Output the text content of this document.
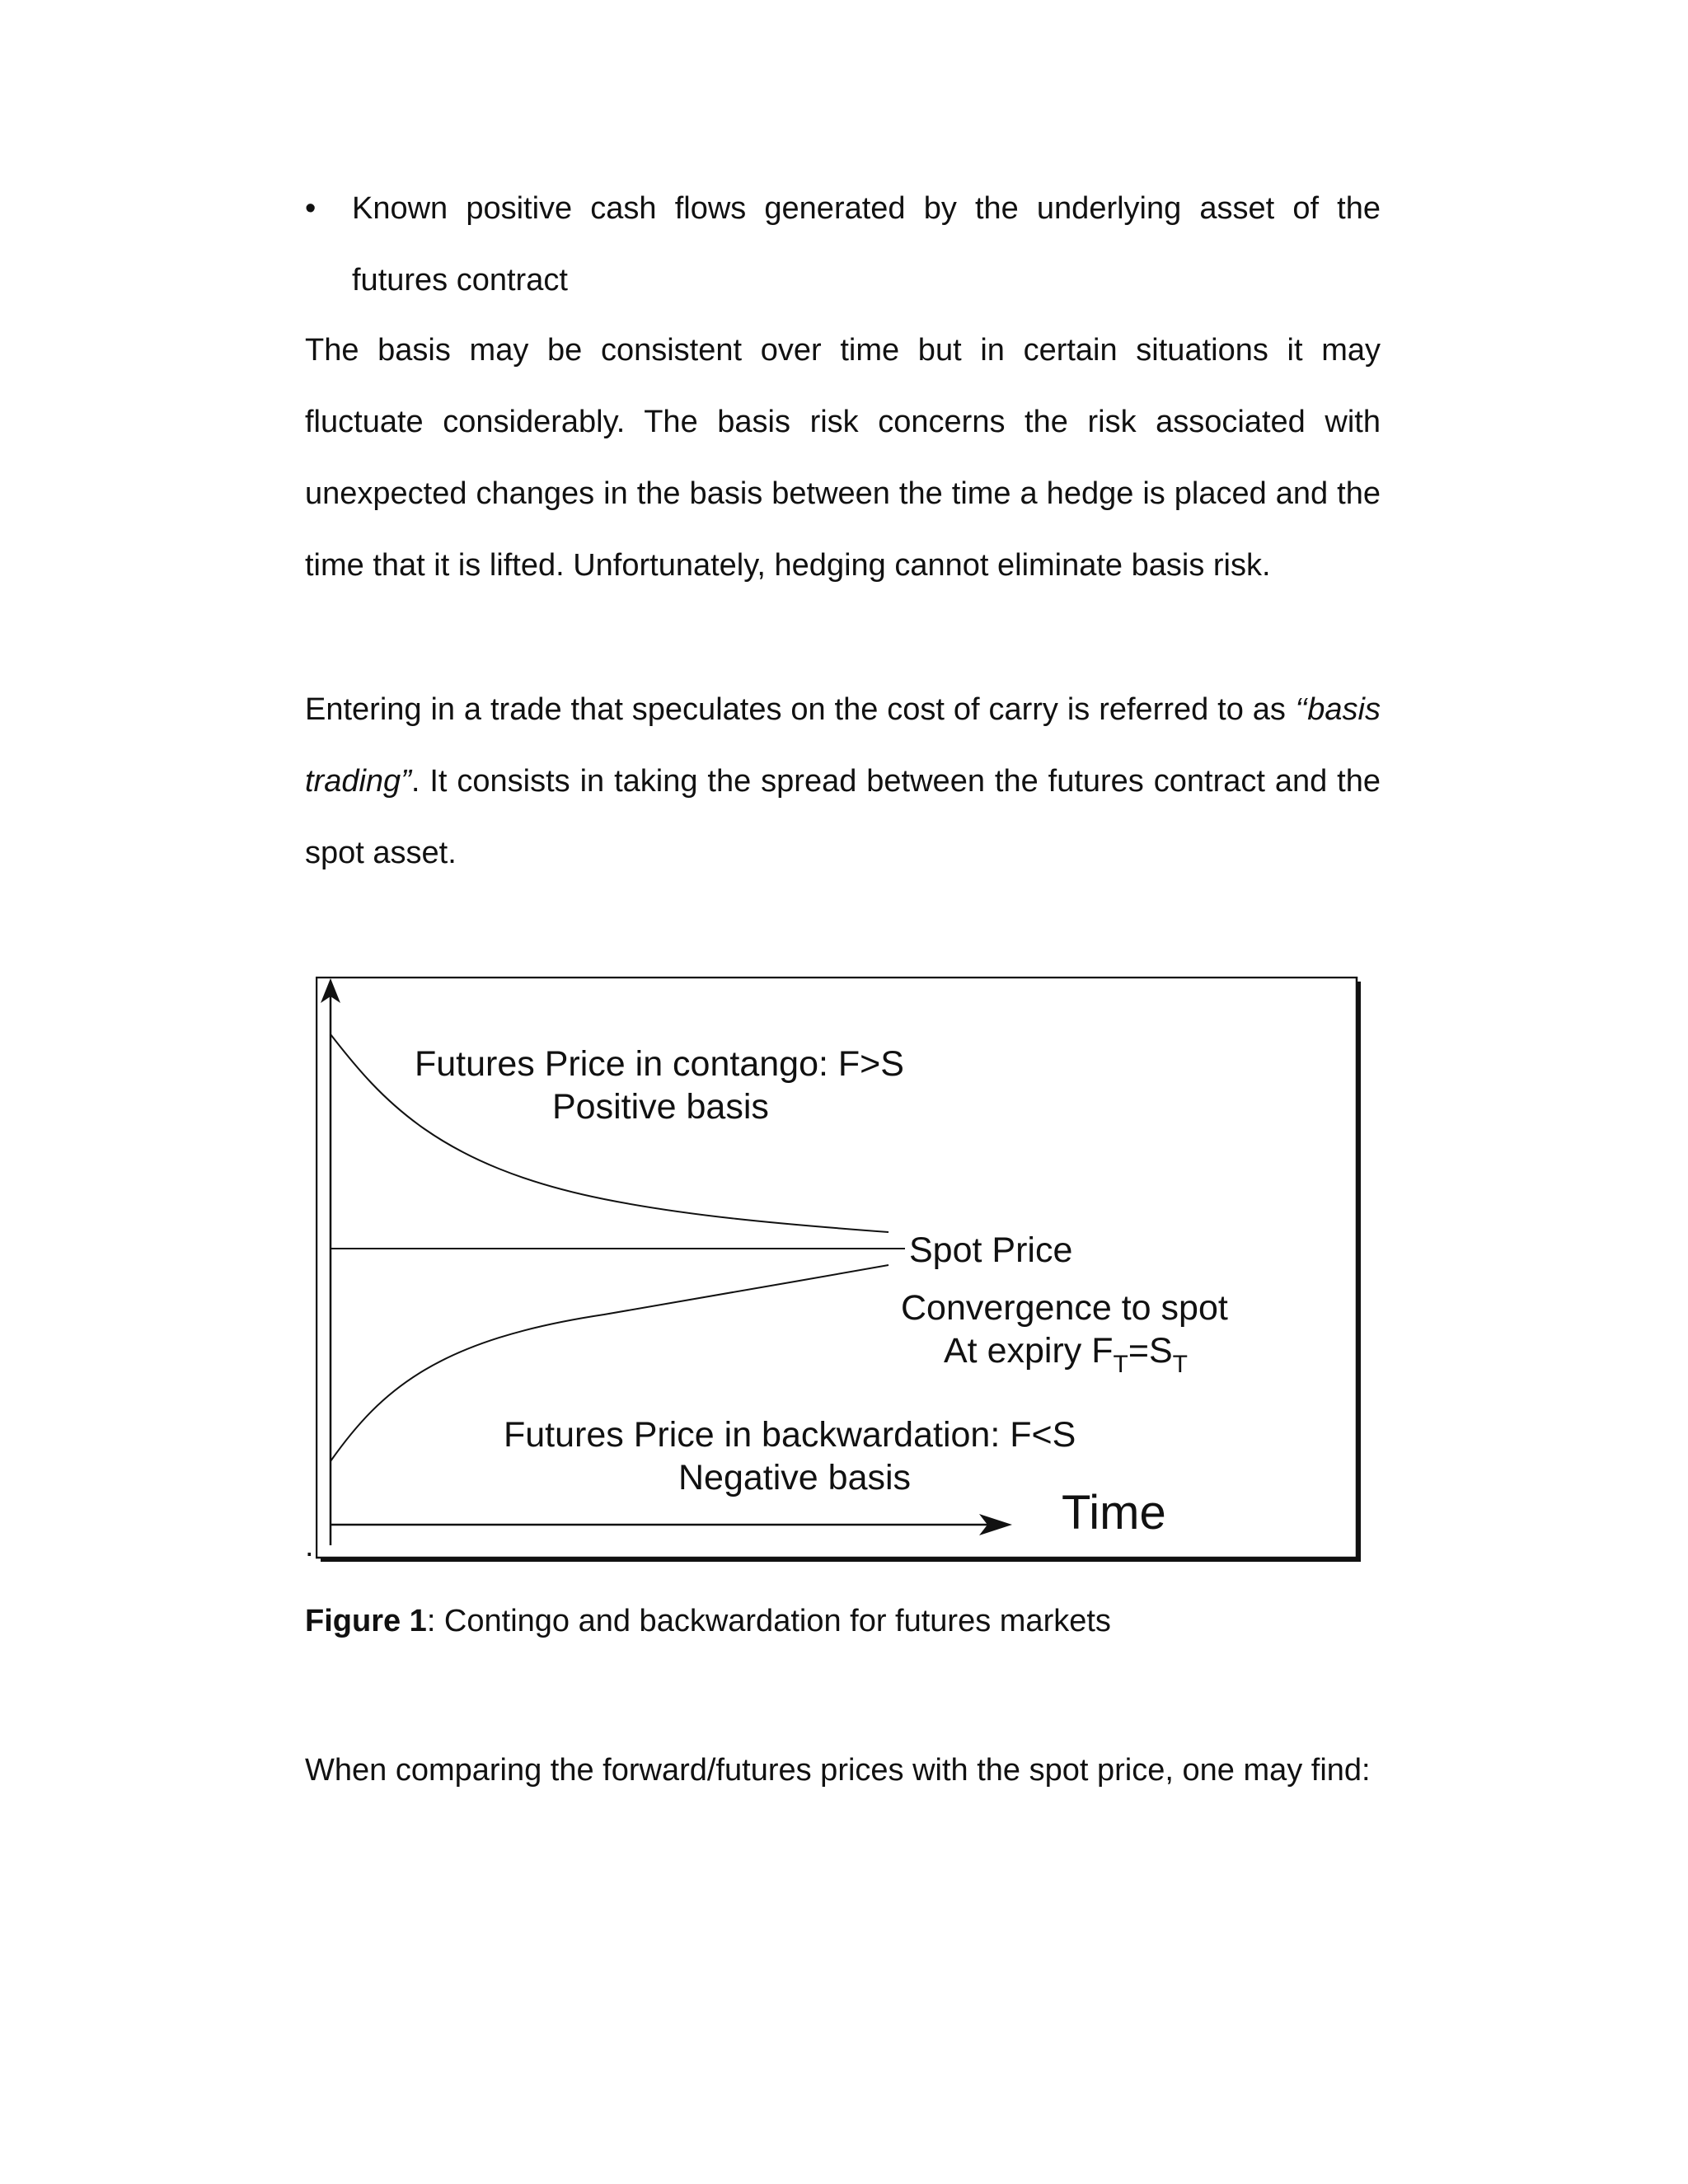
•	Known positive cash flows generated by the underlying asset of the futures contract
The basis may be consistent over time but in certain situations it may fluctuate considerably. The basis risk concerns the risk associated with unexpected changes in the basis between the time a hedge is placed and the time that it is lifted. Unfortunately, hedging cannot eliminate basis risk.
Entering in a trade that speculates on the cost of carry is referred to as ‘‘basis trading”. It consists in taking the spread between the futures contract and the spot asset.
Futures Price in contango: F>S
Positive basis
Spot Price
Convergence to spot
At expiry $F_T=S_T$
Futures Price in backwardation: F<S
Negative basis
Time
.
Figure 1: Contingo and backwardation for futures markets
When comparing the forward/futures prices with the spot price, one may find:
